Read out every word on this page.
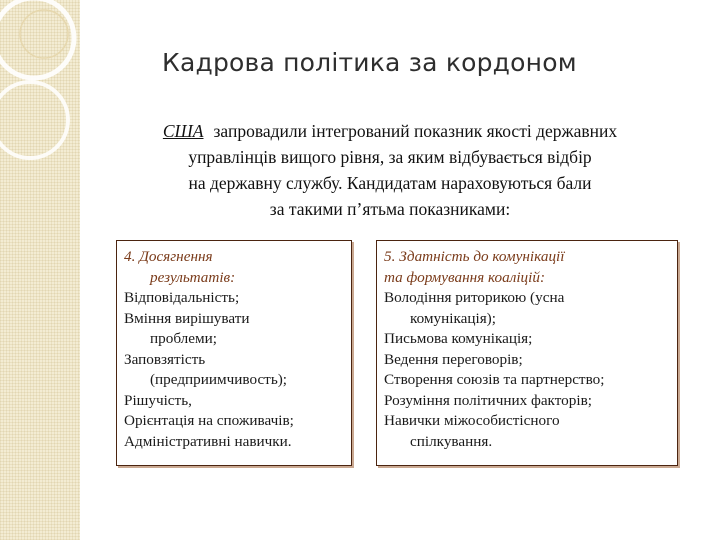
Кадрова політика за кордоном
США запровадили інтегрований показник якості державних
управлінців вищого рівня, за яким відбувається відбір
на державну службу. Кандидатам нараховуються бали
за такими п’ятьма показниками:
4. Досягнення
результатів:
Відповідальність;
Вміння вирішувати
проблеми;
Заповзятість
(предприимчивость);
Рішучість,
Орієнтація на споживачів;
Адміністративні навички.
5. Здатність до комунікації
та формування коаліцій:
Володіння риторикою (усна
комунікація);
Письмова комунікація;
Ведення переговорів;
Створення союзів та партнерство;
Розуміння політичних факторів;
Навички міжособистісного
спілкування.
